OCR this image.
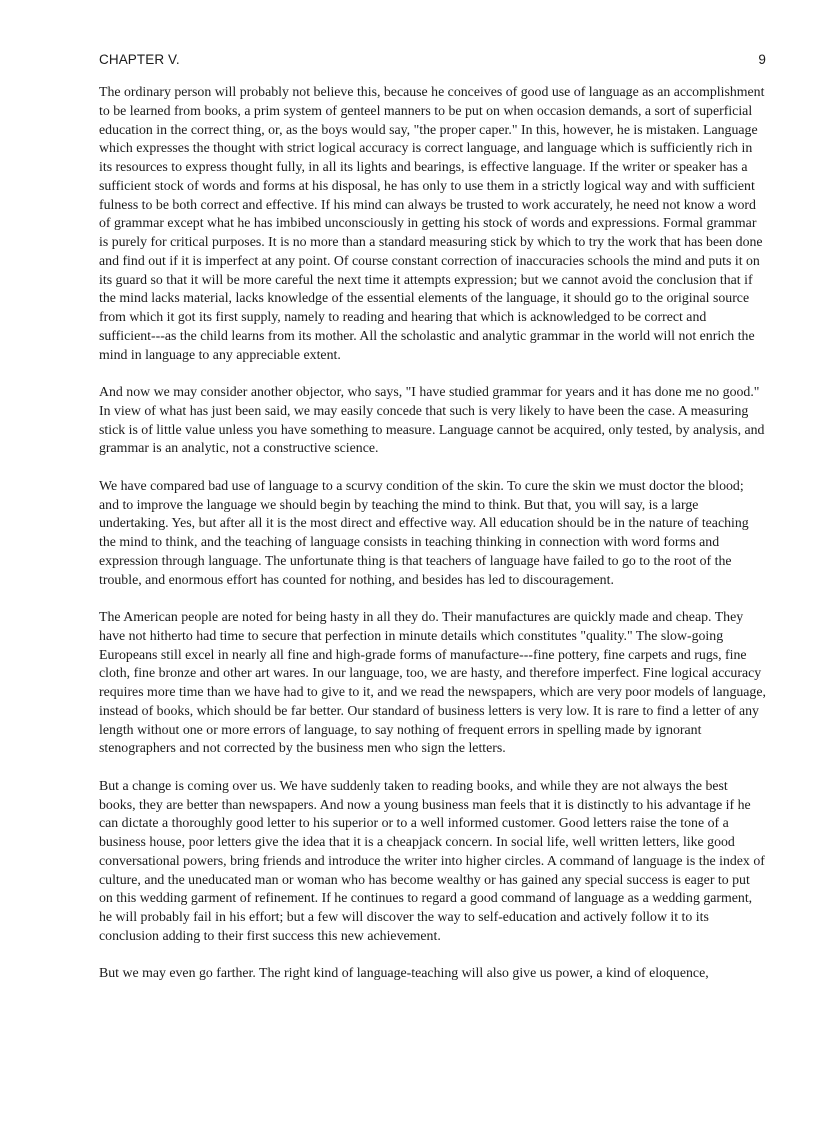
CHAPTER V.	9

The ordinary person will probably not believe this, because he conceives of good use of language as an accomplishment to be learned from books, a prim system of genteel manners to be put on when occasion demands, a sort of superficial education in the correct thing, or, as the boys would say, "the proper caper." In this, however, he is mistaken. Language which expresses the thought with strict logical accuracy is correct language, and language which is sufficiently rich in its resources to express thought fully, in all its lights and bearings, is effective language. If the writer or speaker has a sufficient stock of words and forms at his disposal, he has only to use them in a strictly logical way and with sufficient fulness to be both correct and effective. If his mind can always be trusted to work accurately, he need not know a word of grammar except what he has imbibed unconsciously in getting his stock of words and expressions. Formal grammar is purely for critical purposes. It is no more than a standard measuring stick by which to try the work that has been done and find out if it is imperfect at any point. Of course constant correction of inaccuracies schools the mind and puts it on its guard so that it will be more careful the next time it attempts expression; but we cannot avoid the conclusion that if the mind lacks material, lacks knowledge of the essential elements of the language, it should go to the original source from which it got its first supply, namely to reading and hearing that which is acknowledged to be correct and sufficient---as the child learns from its mother. All the scholastic and analytic grammar in the world will not enrich the mind in language to any appreciable extent.

And now we may consider another objector, who says, "I have studied grammar for years and it has done me no good." In view of what has just been said, we may easily concede that such is very likely to have been the case. A measuring stick is of little value unless you have something to measure. Language cannot be acquired, only tested, by analysis, and grammar is an analytic, not a constructive science.

We have compared bad use of language to a scurvy condition of the skin. To cure the skin we must doctor the blood; and to improve the language we should begin by teaching the mind to think. But that, you will say, is a large undertaking. Yes, but after all it is the most direct and effective way. All education should be in the nature of teaching the mind to think, and the teaching of language consists in teaching thinking in connection with word forms and expression through language. The unfortunate thing is that teachers of language have failed to go to the root of the trouble, and enormous effort has counted for nothing, and besides has led to discouragement.

The American people are noted for being hasty in all they do. Their manufactures are quickly made and cheap. They have not hitherto had time to secure that perfection in minute details which constitutes "quality." The slow-going Europeans still excel in nearly all fine and high-grade forms of manufacture---fine pottery, fine carpets and rugs, fine cloth, fine bronze and other art wares. In our language, too, we are hasty, and therefore imperfect. Fine logical accuracy requires more time than we have had to give to it, and we read the newspapers, which are very poor models of language, instead of books, which should be far better. Our standard of business letters is very low. It is rare to find a letter of any length without one or more errors of language, to say nothing of frequent errors in spelling made by ignorant stenographers and not corrected by the business men who sign the letters.

But a change is coming over us. We have suddenly taken to reading books, and while they are not always the best books, they are better than newspapers. And now a young business man feels that it is distinctly to his advantage if he can dictate a thoroughly good letter to his superior or to a well informed customer. Good letters raise the tone of a business house, poor letters give the idea that it is a cheapjack concern. In social life, well written letters, like good conversational powers, bring friends and introduce the writer into higher circles. A command of language is the index of culture, and the uneducated man or woman who has become wealthy or has gained any special success is eager to put on this wedding garment of refinement. If he continues to regard a good command of language as a wedding garment, he will probably fail in his effort; but a few will discover the way to self-education and actively follow it to its conclusion adding to their first success this new achievement.

But we may even go farther. The right kind of language-teaching will also give us power, a kind of eloquence,
